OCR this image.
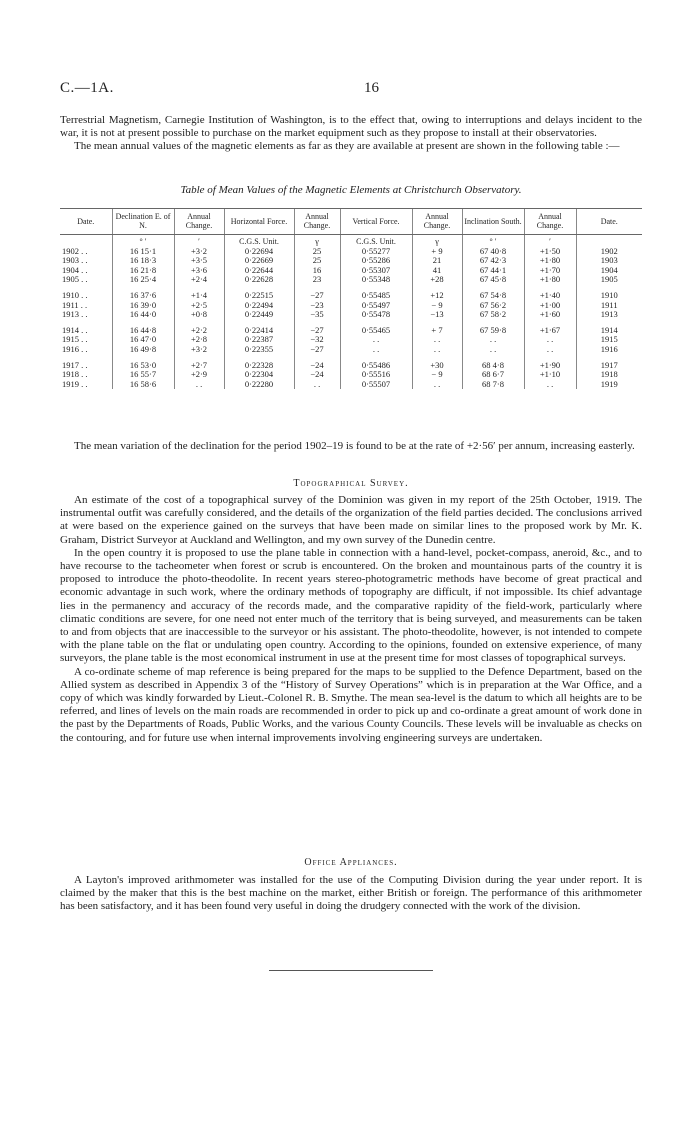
C.—1A.	16

Terrestrial Magnetism, Carnegie Institution of Washington, is to the effect that, owing to interruptions and delays incident to the war, it is not at present possible to purchase on the market equipment such as they propose to install at their observatories.

The mean annual values of the magnetic elements as far as they are available at present are shown in the following table :—

Table of Mean Values of the Magnetic Elements at Christchurch Observatory.
Date.	Declination E. of N.	Annual Change.	Horizontal Force.	Annual Change.	Vertical Force.	Annual Change.	Inclination South.	Annual Change.	Date.
	° ′	′	C.G.S. Unit.	γ	C.G.S. Unit.	γ	° ′	′	
1902 . .	16 15·1	+3·2	0·22694	25	0·55277	+ 9	67 40·8	+1·50	1902
1903 . .	16 18·3	+3·5	0·22669	25	0·55286	21	67 42·3	+1·80	1903
1904 . .	16 21·8	+3·6	0·22644	16	0·55307	41	67 44·1	+1·70	1904
1905 . .	16 25·4	+2·4	0·22628	23	0·55348	+28	67 45·8	+1·80	1905

1910 . .	16 37·6	+1·4	0·22515	−27	0·55485	+12	67 54·8	+1·40	1910
1911 . .	16 39·0	+2·5	0·22494	−23	0·55497	− 9	67 56·2	+1·00	1911
1913 . .	16 44·0	+0·8	0·22449	−35	0·55478	−13	67 58·2	+1·60	1913

1914 . .	16 44·8	+2·2	0·22414	−27	0·55465	+ 7	67 59·8	+1·67	1914
1915 . .	16 47·0	+2·8	0·22387	−32	. .	. .	. .	. .	1915
1916 . .	16 49·8	+3·2	0·22355	−27	. .	. .	. .	. .	1916

1917 . .	16 53·0	+2·7	0·22328	−24	0·55486	+30	68 4·8	+1·90	1917
1918 . .	16 55·7	+2·9	0·22304	−24	0·55516	− 9	68 6·7	+1·10	1918
1919 . .	16 58·6	. .	0·22280	. .	0·55507	. .	68 7·8	. .	1919

The mean variation of the declination for the period 1902–19 is found to be at the rate of +2·56′ per annum, increasing easterly.

Topographical Survey.

An estimate of the cost of a topographical survey of the Dominion was given in my report of the 25th October, 1919. The instrumental outfit was carefully considered, and the details of the organization of the field parties decided. The conclusions arrived at were based on the experience gained on the surveys that have been made on similar lines to the proposed work by Mr. K. Graham, District Surveyor at Auckland and Wellington, and my own survey of the Dunedin centre.

In the open country it is proposed to use the plane table in connection with a hand-level, pocket-compass, aneroid, &c., and to have recourse to the tacheometer when forest or scrub is encountered. On the broken and mountainous parts of the country it is proposed to introduce the photo-theodolite. In recent years stereo-photogrametric methods have become of great practical and economic advantage in such work, where the ordinary methods of topography are difficult, if not impossible. Its chief advantage lies in the permanency and accuracy of the records made, and the comparative rapidity of the field-work, particularly where climatic conditions are severe, for one need not enter much of the territory that is being surveyed, and measurements can be taken to and from objects that are inaccessible to the surveyor or his assistant. The photo-theodolite, however, is not intended to compete with the plane table on the flat or undulating open country. According to the opinions, founded on extensive experience, of many surveyors, the plane table is the most economical instrument in use at the present time for most classes of topographical surveys.

A co-ordinate scheme of map reference is being prepared for the maps to be supplied to the Defence Department, based on the Allied system as described in Appendix 3 of the “History of Survey Operations” which is in preparation at the War Office, and a copy of which was kindly forwarded by Lieut.-Colonel R. B. Smythe. The mean sea-level is the datum to which all heights are to be referred, and lines of levels on the main roads are recommended in order to pick up and co-ordinate a great amount of work done in the past by the Departments of Roads, Public Works, and the various County Councils. These levels will be invaluable as checks on the contouring, and for future use when internal improvements involving engineering surveys are undertaken.

Office Appliances.

A Layton's improved arithmometer was installed for the use of the Computing Division during the year under report. It is claimed by the maker that this is the best machine on the market, either British or foreign. The performance of this arithmometer has been satisfactory, and it has been found very useful in doing the drudgery connected with the work of the division.
